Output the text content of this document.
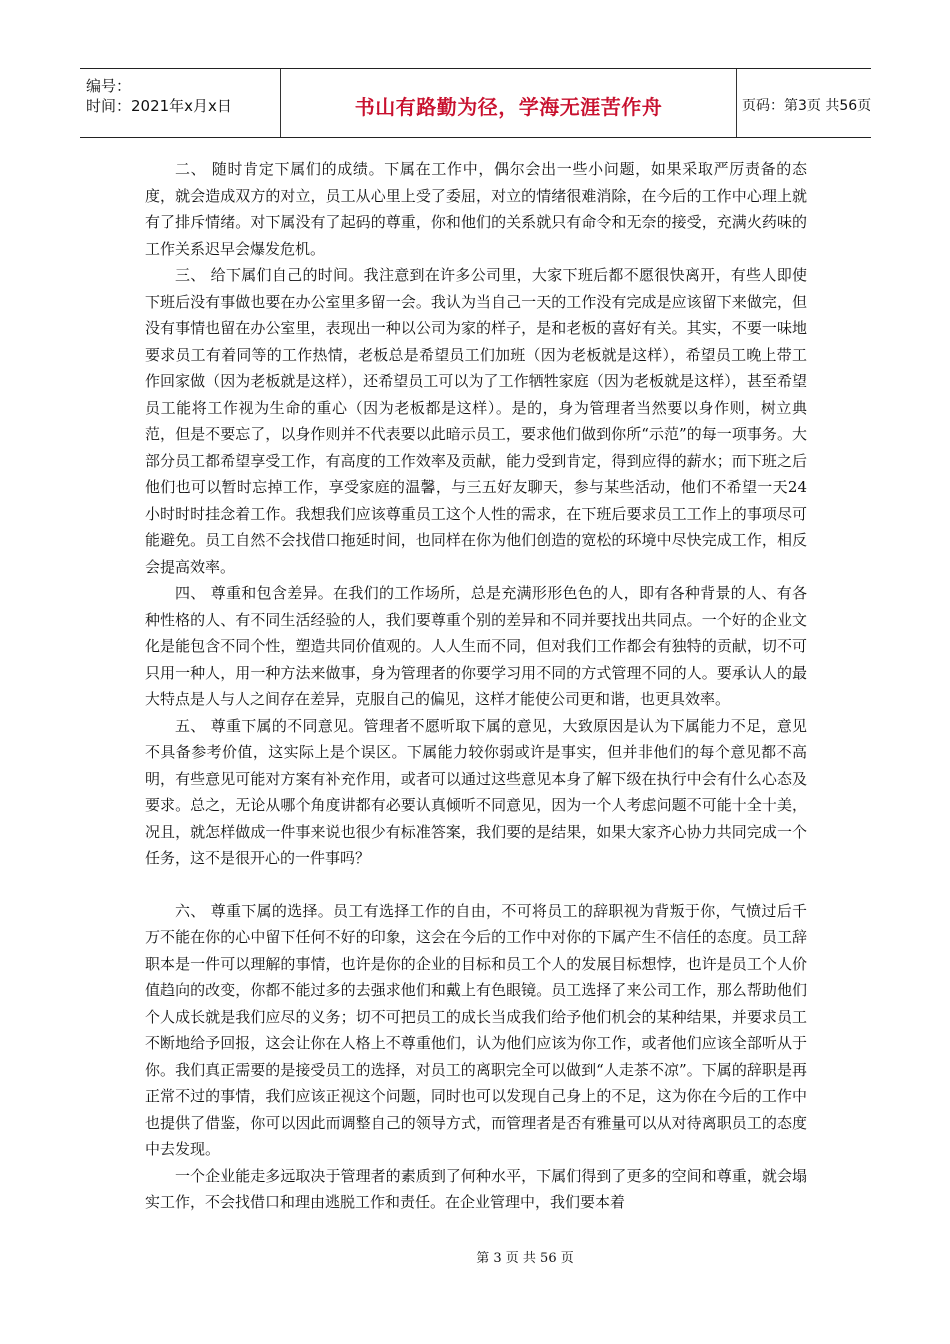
编号：
时间：2021年x月x日	书山有路勤为径，学海无涯苦作舟	页码：第3页 共56页

二、 随时肯定下属们的成绩。下属在工作中，偶尔会出一些小问题，如果采取严厉责备的态度，就会造成双方的对立，员工从心里上受了委屈，对立的情绪很难消除，在今后的工作中心理上就有了排斥情绪。对下属没有了起码的尊重，你和他们的关系就只有命令和无奈的接受，充满火药味的工作关系迟早会爆发危机。

三、 给下属们自己的时间。我注意到在许多公司里，大家下班后都不愿很快离开，有些人即使下班后没有事做也要在办公室里多留一会。我认为当自己一天的工作没有完成是应该留下来做完，但没有事情也留在办公室里，表现出一种以公司为家的样子，是和老板的喜好有关。其实，不要一味地要求员工有着同等的工作热情，老板总是希望员工们加班（因为老板就是这样），希望员工晚上带工作回家做（因为老板就是这样），还希望员工可以为了工作牺牲家庭（因为老板就是这样），甚至希望员工能将工作视为生命的重心（因为老板都是这样）。是的，身为管理者当然要以身作则，树立典范，但是不要忘了，以身作则并不代表要以此暗示员工，要求他们做到你所“示范”的每一项事务。大部分员工都希望享受工作，有高度的工作效率及贡献，能力受到肯定，得到应得的薪水；而下班之后他们也可以暂时忘掉工作，享受家庭的温馨，与三五好友聊天，参与某些活动，他们不希望一天24小时时时挂念着工作。我想我们应该尊重员工这个人性的需求，在下班后要求员工工作上的事项尽可能避免。员工自然不会找借口拖延时间，也同样在你为他们创造的宽松的环境中尽快完成工作，相反会提高效率。

四、 尊重和包含差异。在我们的工作场所，总是充满形形色色的人，即有各种背景的人、有各种性格的人、有不同生活经验的人，我们要尊重个别的差异和不同并要找出共同点。一个好的企业文化是能包含不同个性，塑造共同价值观的。人人生而不同，但对我们工作都会有独特的贡献，切不可只用一种人，用一种方法来做事，身为管理者的你要学习用不同的方式管理不同的人。要承认人的最大特点是人与人之间存在差异，克服自己的偏见，这样才能使公司更和谐，也更具效率。

五、 尊重下属的不同意见。管理者不愿听取下属的意见，大致原因是认为下属能力不足，意见不具备参考价值，这实际上是个误区。下属能力较你弱或许是事实，但并非他们的每个意见都不高明，有些意见可能对方案有补充作用，或者可以通过这些意见本身了解下级在执行中会有什么心态及要求。总之，无论从哪个角度讲都有必要认真倾听不同意见，因为一个人考虑问题不可能十全十美，况且，就怎样做成一件事来说也很少有标准答案，我们要的是结果，如果大家齐心协力共同完成一个任务，这不是很开心的一件事吗？

六、 尊重下属的选择。员工有选择工作的自由，不可将员工的辞职视为背叛于你，气愤过后千万不能在你的心中留下任何不好的印象，这会在今后的工作中对你的下属产生不信任的态度。员工辞职本是一件可以理解的事情，也许是你的企业的目标和员工个人的发展目标想悖，也许是员工个人价值趋向的改变，你都不能过多的去强求他们和戴上有色眼镜。员工选择了来公司工作，那么帮助他们个人成长就是我们应尽的义务；切不可把员工的成长当成我们给予他们机会的某种结果，并要求员工不断地给予回报，这会让你在人格上不尊重他们，认为他们应该为你工作，或者他们应该全部听从于你。我们真正需要的是接受员工的选择，对员工的离职完全可以做到“人走茶不凉”。下属的辞职是再正常不过的事情，我们应该正视这个问题，同时也可以发现自己身上的不足，这为你在今后的工作中也提供了借鉴，你可以因此而调整自己的领导方式，而管理者是否有雅量可以从对待离职员工的态度中去发现。

一个企业能走多远取决于管理者的素质到了何种水平，下属们得到了更多的空间和尊重，就会塌实工作，不会找借口和理由逃脱工作和责任。在企业管理中，我们要本着

第 3 页 共 56 页
